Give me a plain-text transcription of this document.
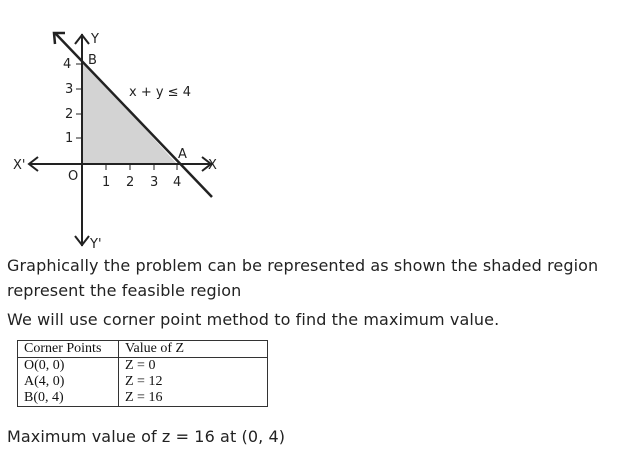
1 2 3 4
1
2
3
4
O
A
B
x + y ≤ 4
X
X'
Y
Y'
Graphically the problem can be represented as shown the shaded region
represent the feasible region
We will use corner point method to find the maximum value.
Corner Points	Value of Z
O(0, 0)	Z = 0
A(4, 0)	Z = 12
B(0, 4)	Z = 16
Maximum value of z = 16 at (0, 4)
